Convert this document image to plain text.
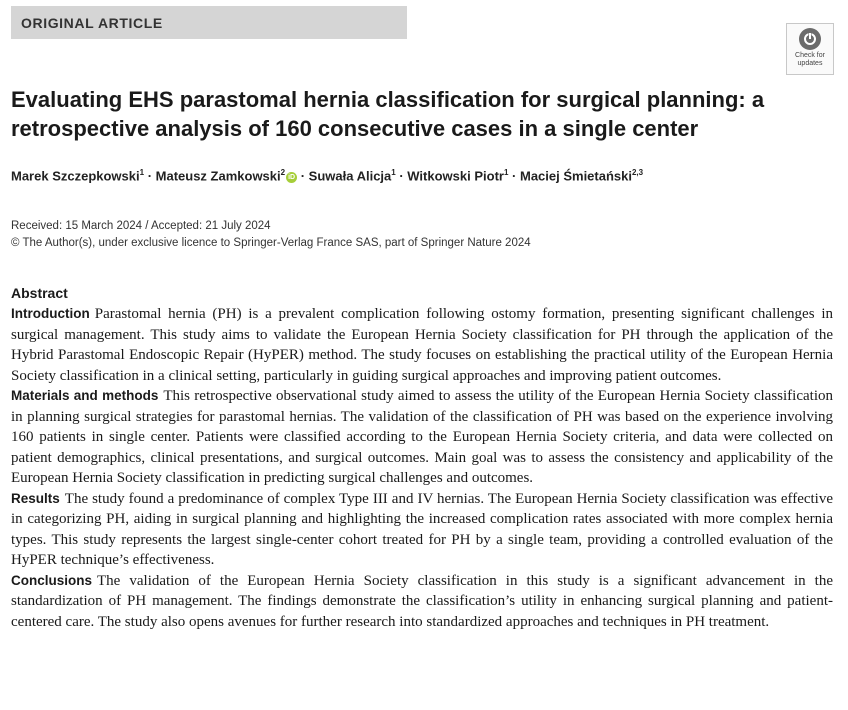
ORIGINAL ARTICLE
Check for
updates
Evaluating EHS parastomal hernia classification for surgical planning: a retrospective analysis of 160 consecutive cases in a single center
Marek Szczepkowski$^1$ · Mateusz Zamkowski$^2$iD · Suwała Alicja$^1$ · Witkowski Piotr$^1$ · Maciej Śmietański$^{2,3}$
Received: 15 March 2024 / Accepted: 21 July 2024
© The Author(s), under exclusive licence to Springer-Verlag France SAS, part of Springer Nature 2024
Abstract

Introduction Parastomal hernia (PH) is a prevalent complication following ostomy formation, presenting significant challenges in surgical management. This study aims to validate the European Hernia Society classification for PH through the application of the Hybrid Parastomal Endoscopic Repair (HyPER) method. The study focuses on establishing the practical utility of the European Hernia Society classification in a clinical setting, particularly in guiding surgical approaches and improving patient outcomes.

Materials and methods This retrospective observational study aimed to assess the utility of the European Hernia Society classification in planning surgical strategies for parastomal hernias. The validation of the classification of PH was based on the experience involving 160 patients in single center. Patients were classified according to the European Hernia Society criteria, and data were collected on patient demographics, clinical presentations, and surgical outcomes. Main goal was to assess the consistency and applicability of the European Hernia Society classification in predicting surgical challenges and outcomes.

Results The study found a predominance of complex Type III and IV hernias. The European Hernia Society classification was effective in categorizing PH, aiding in surgical planning and highlighting the increased complication rates associated with more complex hernia types. This study represents the largest single-center cohort treated for PH by a single team, providing a controlled evaluation of the HyPER technique’s effectiveness.

Conclusions The validation of the European Hernia Society classification in this study is a significant advancement in the standardization of PH management. The findings demonstrate the classification’s utility in enhancing surgical planning and patient-centered care. The study also opens avenues for further research into standardized approaches and techniques in PH treatment.
